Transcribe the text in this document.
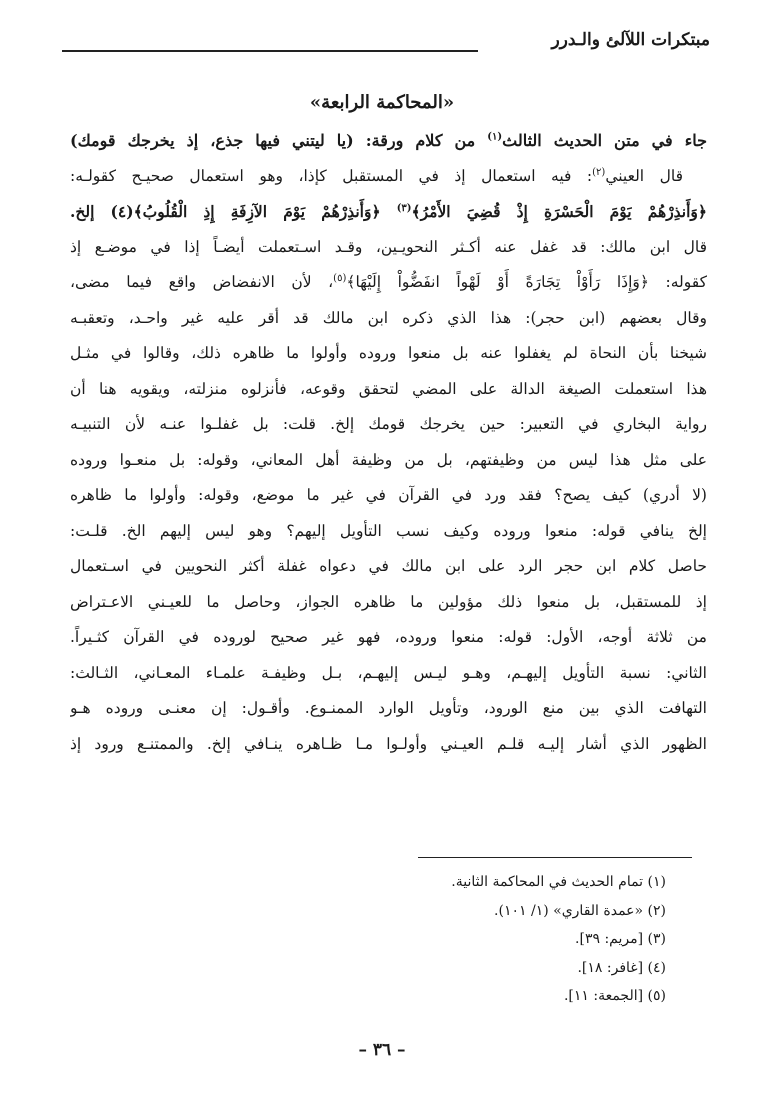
مبتكرات اللآلئ والـدرر
«المحاكمة الرابعة»
جاء في متن الحديث الثالث$^{(١)}$ من كلام ورقة: (يا ليتني فيها جذع، إذ يخرجك قومك)
قال العيني$^{(٢)}$: فيه استعمال إذ في المستقبل كإذا، وهو استعمال صحيـح كقولـه:
﴿وَأَنذِرْهُمْ يَوْمَ الْحَسْرَةِ إِذْ قُضِيَ الأَمْرُ﴾$^{(٣)}$ ﴿وَأَنذِرْهُمْ يَوْمَ الآزِفَةِ إِذِ الْقُلُوبُ﴾(٤) إلخ.
قال ابن مالك: قد غفل عنه أكـثر النحويـين، وقـد اسـتعملت أيضـاً إذا في موضـع إذ
كقوله: ﴿وَإِذَا رَأَوْاْ تِجَارَةً أَوْ لَهْواً انفَضُّواْ إِلَيْهَا﴾$^{(٥)}$، لأن الانفضاض واقع فيما مضى،
وقال بعضهم (ابن حجر): هذا الذي ذكره ابن مالك قد أقر عليه غير واحـد، وتعقبـه
شيخنا بأن النحاة لم يغفلوا عنه بل منعوا وروده وأولوا ما ظاهره ذلك، وقالوا في مثـل
هذا استعملت الصيغة الدالة على المضي لتحقق وقوعه، فأنزلوه منزلته، ويقويه هنا أن
رواية البخاري في التعبير: حين يخرجك قومك إلخ. قلت: بل غفلـوا عنـه لأن التنبيـه
على مثل هذا ليس من وظيفتهم، بل من وظيفة أهل المعاني، وقوله: بل منعـوا وروده
(لا أدري) كيف يصح؟ فقد ورد في القرآن في غير ما موضع، وقوله: وأولوا ما ظاهره
إلخ ينافي قوله: منعوا وروده وكيف نسب التأويل إليهم؟ وهو ليس إليهم الخ. قلـت:
حاصل كلام ابن حجر الرد على ابن مالك في دعواه غفلة أكثر النحويين في اسـتعمال
إذ للمستقبل، بل منعوا ذلك مؤولين ما ظاهره الجواز، وحاصل ما للعيـني الاعـتراض
من ثلاثة أوجه، الأول: قوله: منعوا وروده، فهو غير صحيح لوروده في القرآن كثـيراً.
الثاني: نسبة التأويل إليهـم، وهـو ليـس إليهـم، بـل وظيفـة علمـاء المعـاني، الثـالث:
التهافت الذي بين منع الورود، وتأويل الوارد الممنـوع. وأقـول: إن معنـى وروده هـو
الظهور الذي أشار إليـه قلـم العيـني وأولـوا مـا ظـاهره ينـافي إلخ. والممتنـع ورود إذ
(١) تمام الحديث في المحاكمة الثانية.
(٢) «عمدة القاري» (١/ ١٠١).
(٣) [مريم: ٣٩].
(٤) [غافر: ١٨].
(٥) [الجمعة: ١١].
– ٣٦ –
